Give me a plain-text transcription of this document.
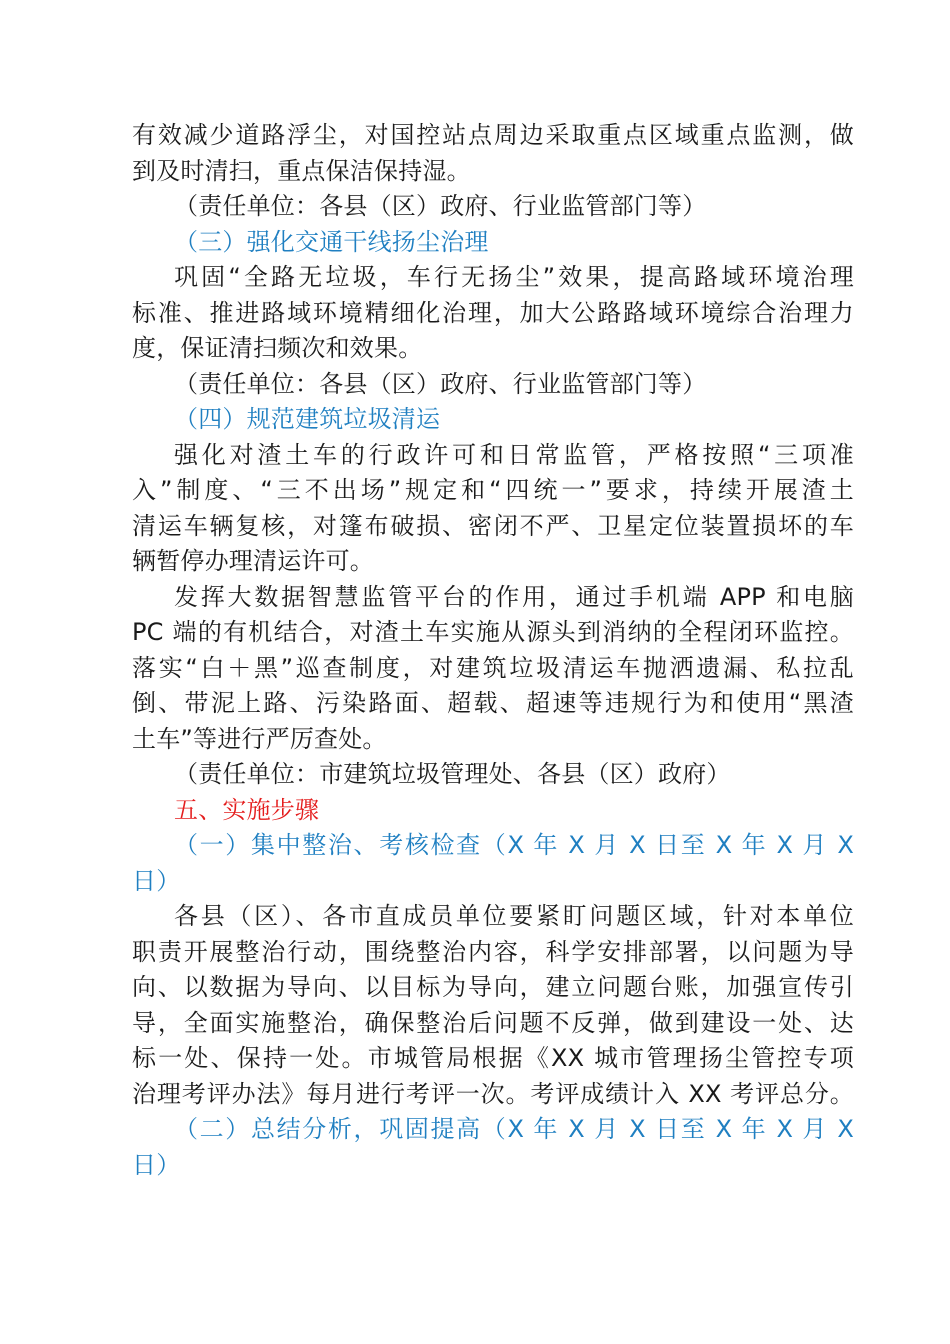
有效减少道路浮尘，对国控站点周边采取重点区域重点监测，做
到及时清扫，重点保洁保持湿。
（责任单位：各县（区）政府、行业监管部门等）
（三）强化交通干线扬尘治理
巩固“全路无垃圾，车行无扬尘”效果，提高路域环境治理
标准、推进路域环境精细化治理，加大公路路域环境综合治理力
度，保证清扫频次和效果。
（责任单位：各县（区）政府、行业监管部门等）
（四）规范建筑垃圾清运
强化对渣土车的行政许可和日常监管，严格按照“三项准
入”制度、“三不出场”规定和“四统一”要求，持续开展渣土
清运车辆复核，对篷布破损、密闭不严、卫星定位装置损坏的车
辆暂停办理清运许可。
发挥大数据智慧监管平台的作用，通过手机端 APP 和电脑
PC 端的有机结合，对渣土车实施从源头到消纳的全程闭环监控。
落实“白＋黑”巡查制度，对建筑垃圾清运车抛洒遗漏、私拉乱
倒、带泥上路、污染路面、超载、超速等违规行为和使用“黑渣
土车”等进行严厉查处。
（责任单位：市建筑垃圾管理处、各县（区）政府）
五、实施步骤
（一）集中整治、考核检查（X 年 X 月 X 日至 X 年 X 月 X
日）
各县（区）、各市直成员单位要紧盯问题区域，针对本单位
职责开展整治行动，围绕整治内容，科学安排部署，以问题为导
向、以数据为导向、以目标为导向，建立问题台账，加强宣传引
导，全面实施整治，确保整治后问题不反弹，做到建设一处、达
标一处、保持一处。市城管局根据《XX 城市管理扬尘管控专项
治理考评办法》每月进行考评一次。考评成绩计入 XX 考评总分。
（二）总结分析，巩固提高（X 年 X 月 X 日至 X 年 X 月 X
日）
